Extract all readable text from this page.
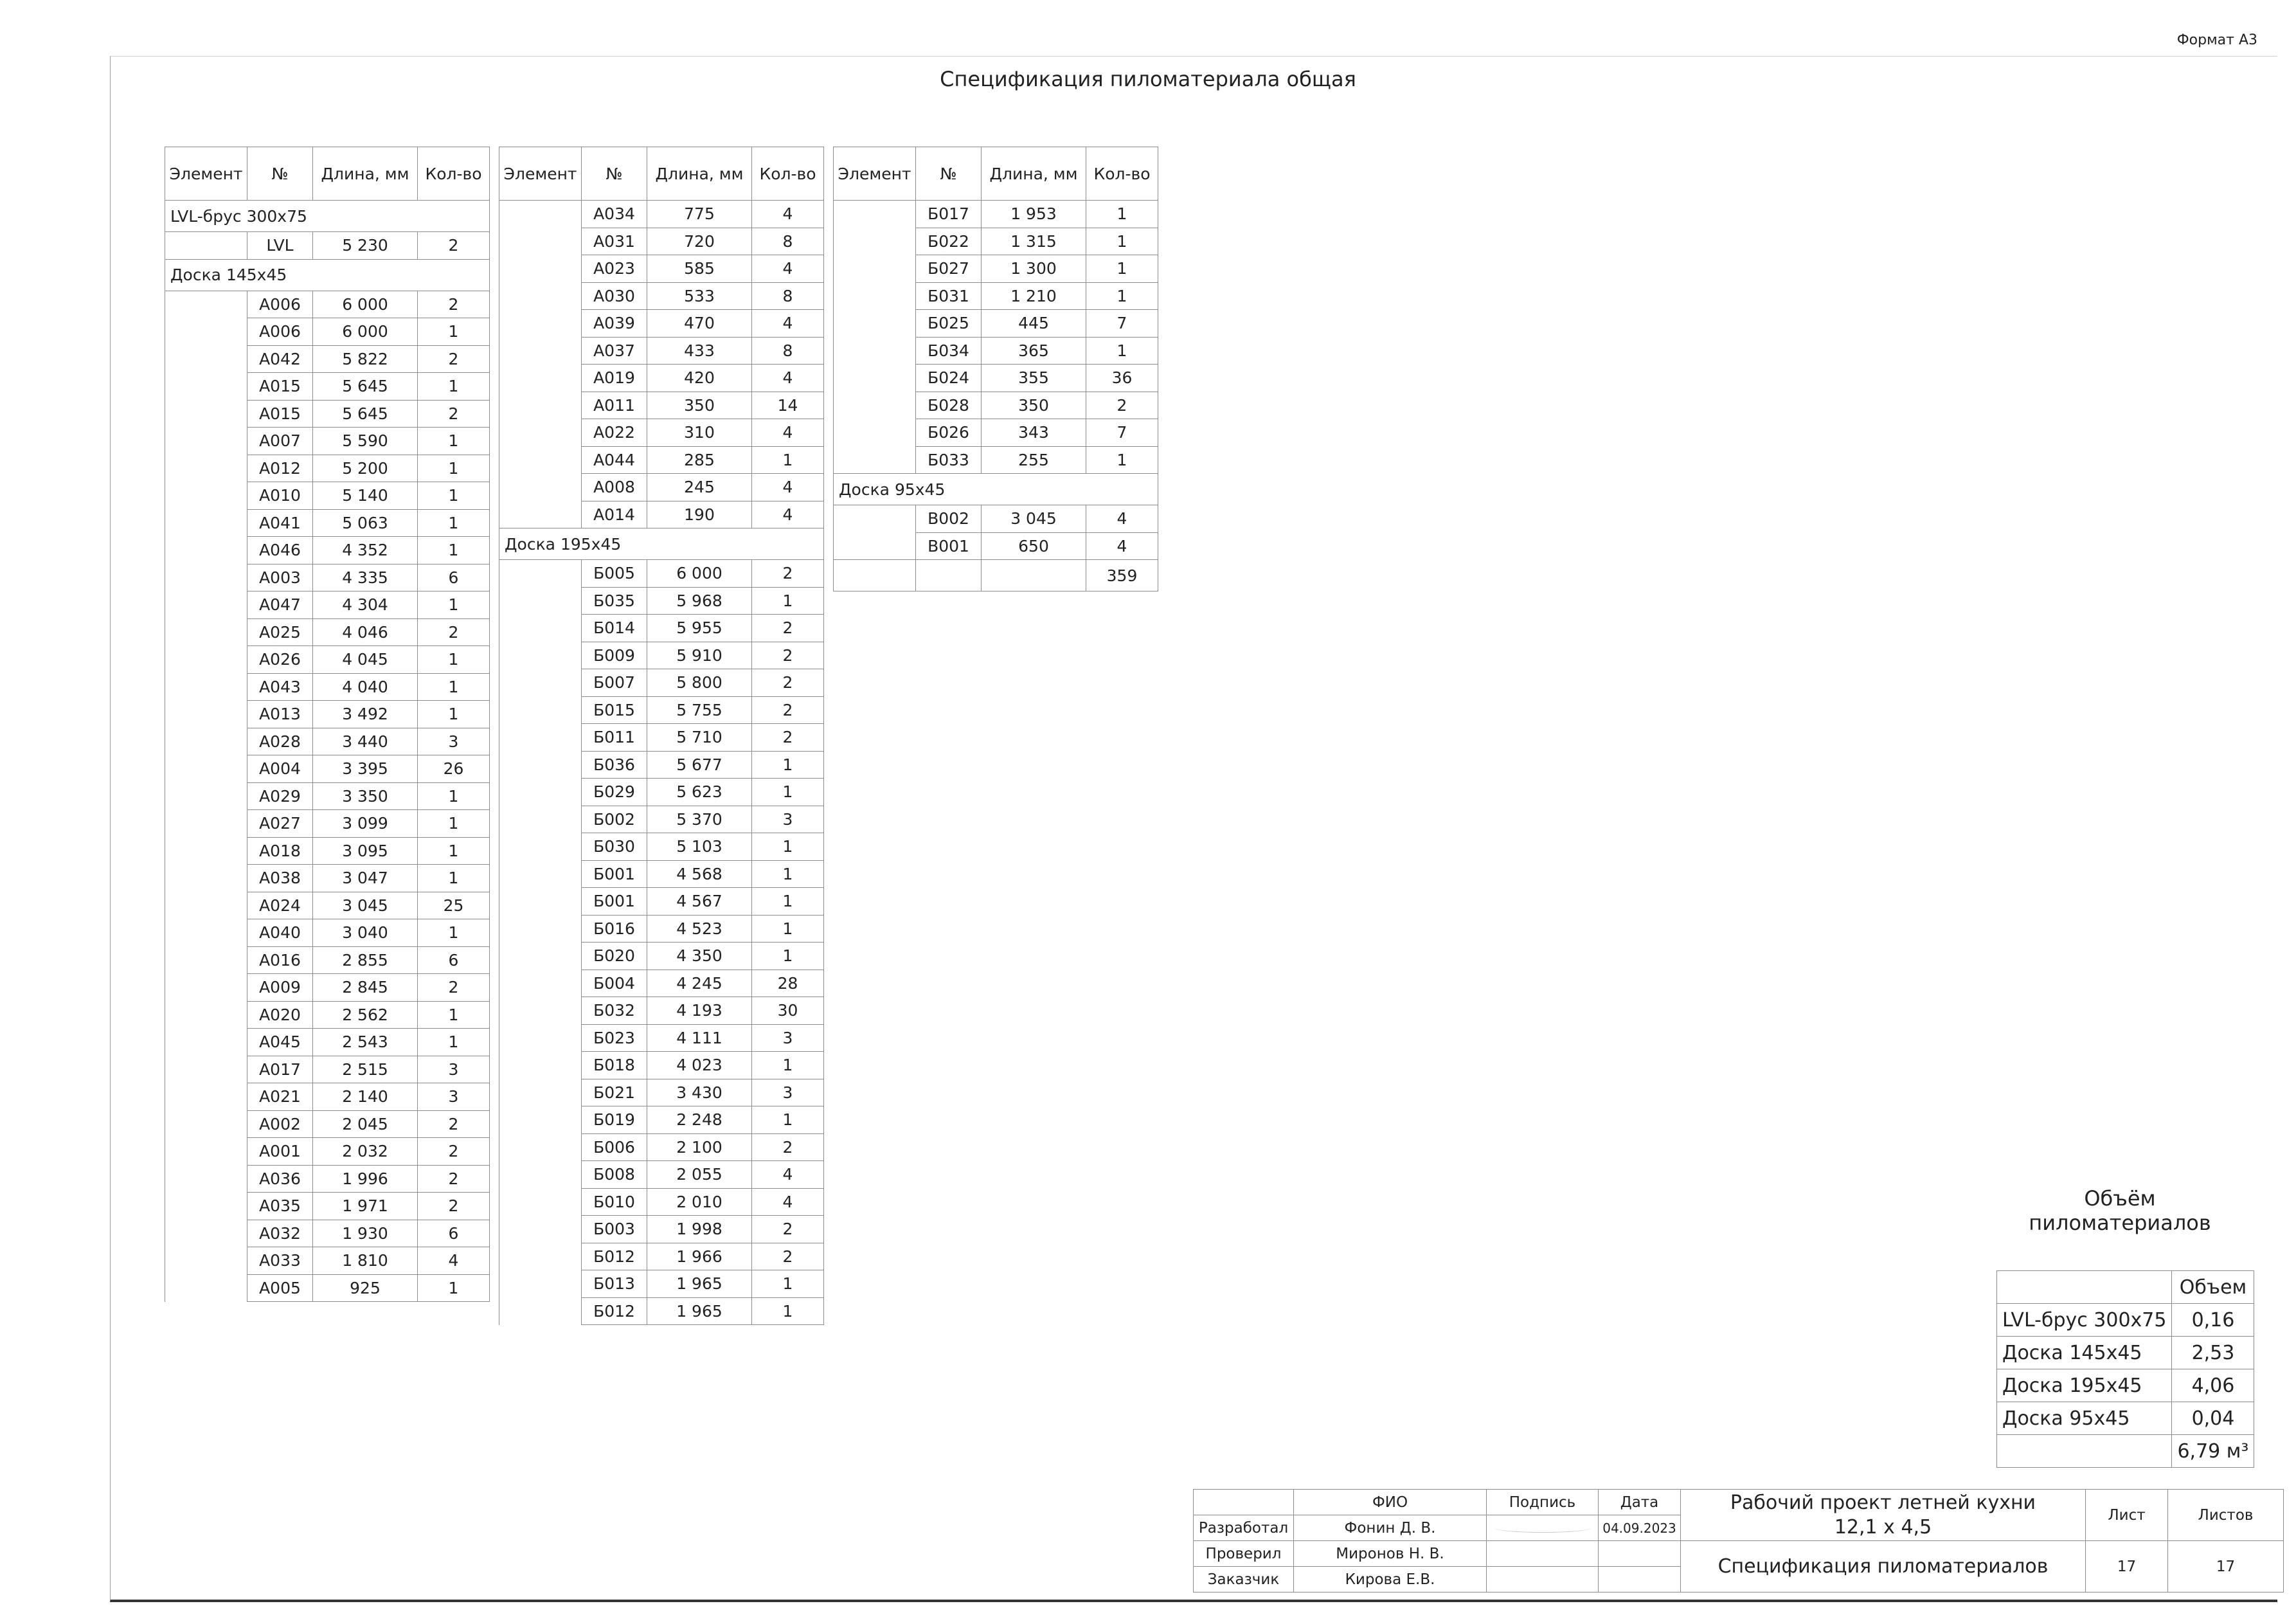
Формат А3
Спецификация пиломатериала общая
Элемент	№	Длина, мм	Кол-во
LVL-брус 300x75			
	LVL	5 230	2
Доска 145x45			
	А006	6 000	2
	А006	6 000	1
	А042	5 822	2
	А015	5 645	1
	А015	5 645	2
	А007	5 590	1
	А012	5 200	1
	А010	5 140	1
	А041	5 063	1
	А046	4 352	1
	А003	4 335	6
	А047	4 304	1
	А025	4 046	2
	А026	4 045	1
	А043	4 040	1
	А013	3 492	1
	А028	3 440	3
	А004	3 395	26
	А029	3 350	1
	А027	3 099	1
	А018	3 095	1
	А038	3 047	1
	А024	3 045	25
	А040	3 040	1
	А016	2 855	6
	А009	2 845	2
	А020	2 562	1
	А045	2 543	1
	А017	2 515	3
	А021	2 140	3
	А002	2 045	2
	А001	2 032	2
	А036	1 996	2
	А035	1 971	2
	А032	1 930	6
	А033	1 810	4
	А005	925	1
Элемент	№	Длина, мм	Кол-во
	А034	775	4
	А031	720	8
	А023	585	4
	А030	533	8
	А039	470	4
	А037	433	8
	А019	420	4
	А011	350	14
	А022	310	4
	А044	285	1
	А008	245	4
	А014	190	4
Доска 195x45			
	Б005	6 000	2
	Б035	5 968	1
	Б014	5 955	2
	Б009	5 910	2
	Б007	5 800	2
	Б015	5 755	2
	Б011	5 710	2
	Б036	5 677	1
	Б029	5 623	1
	Б002	5 370	3
	Б030	5 103	1
	Б001	4 568	1
	Б001	4 567	1
	Б016	4 523	1
	Б020	4 350	1
	Б004	4 245	28
	Б032	4 193	30
	Б023	4 111	3
	Б018	4 023	1
	Б021	3 430	3
	Б019	2 248	1
	Б006	2 100	2
	Б008	2 055	4
	Б010	2 010	4
	Б003	1 998	2
	Б012	1 966	2
	Б013	1 965	1
	Б012	1 965	1
Элемент	№	Длина, мм	Кол-во
	Б017	1 953	1
	Б022	1 315	1
	Б027	1 300	1
	Б031	1 210	1
	Б025	445	7
	Б034	365	1
	Б024	355	36
	Б028	350	2
	Б026	343	7
	Б033	255	1
Доска 95x45			
	В002	3 045	4
	В001	650	4
			359
Объём пиломатериалов
	Объем
LVL-брус 300x75	0,16
Доска 145x45	2,53
Доска 195x45	4,06
Доска 95x45	0,04
	6,79 м³
	ФИО	Подпись	Дата	Рабочий проект летней кухни
12,1 х 4,5	Лист	Листов
Разработал	Фонин Д. В.		04.09.2023			
Проверил	Миронов Н. В.			Спецификация пиломатериалов	17	17
Заказчик	Кирова Е.В.					
